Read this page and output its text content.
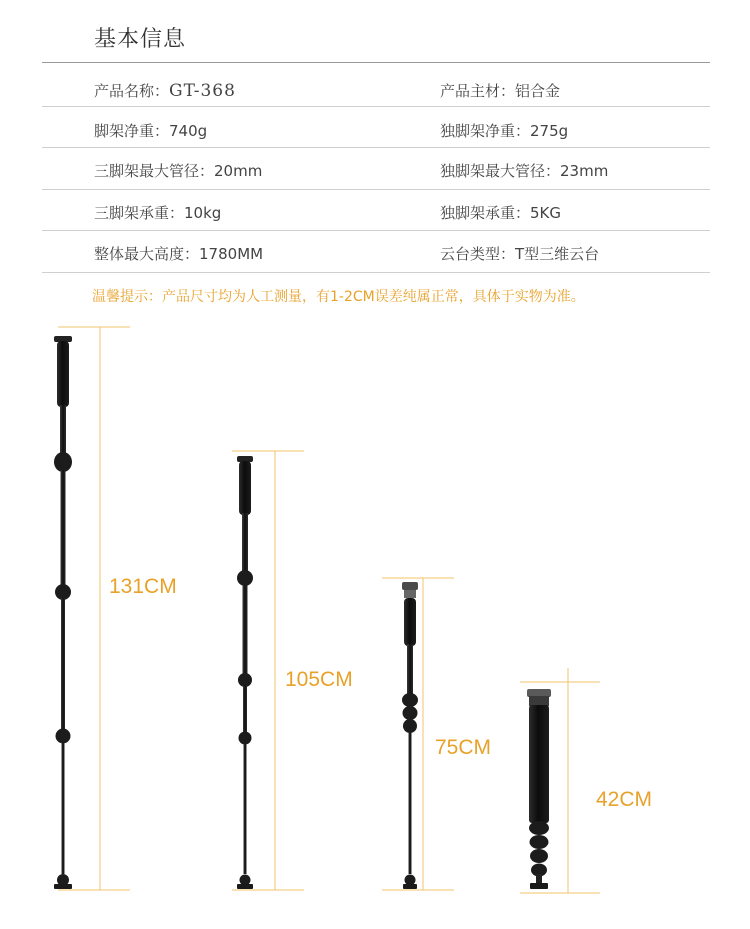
基本信息
产品名称：GT-368	产品主材：铝合金
脚架净重：740g	独脚架净重：275g
三脚架最大管径：20mm	独脚架最大管径：23mm
三脚架承重：10kg	独脚架承重：5KG
整体最大高度：1780MM	云台类型：T型三维云台
温馨提示：产品尺寸均为人工测量，有1-2CM误差纯属正常，具体于实物为准。
131CM
105CM
75CM
42CM
